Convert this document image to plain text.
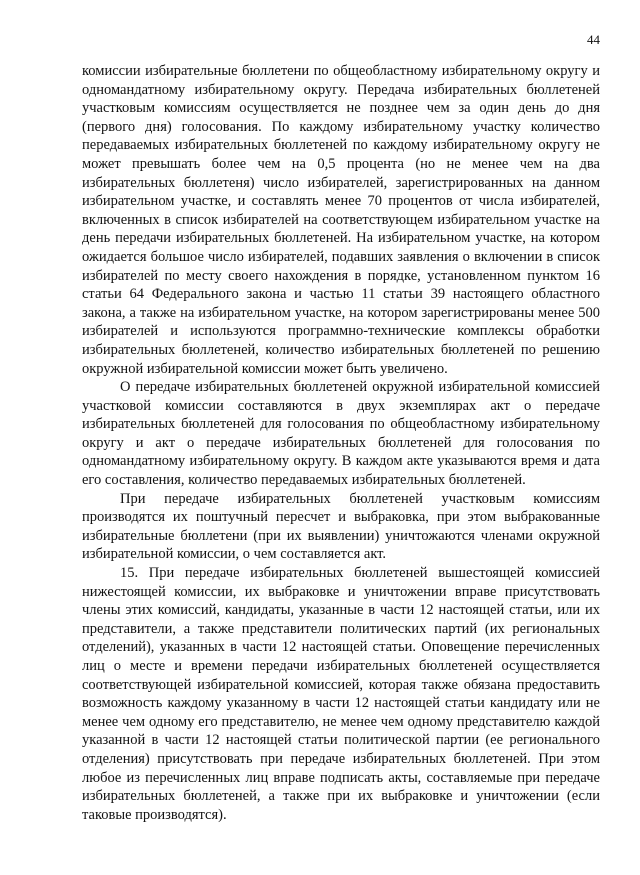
44

комиссии избирательные бюллетени по общеобластному избирательному округу и одномандатному избирательному округу. Передача избирательных бюллетеней участковым комиссиям осуществляется не позднее чем за один день до дня (первого дня) голосования. По каждому избирательному участку количество передаваемых избирательных бюллетеней по каждому избирательному округу не может превышать более чем на 0,5 процента (но не менее чем на два избирательных бюллетеня) число избирателей, зарегистрированных на данном избирательном участке, и составлять менее 70 процентов от числа избирателей, включенных в список избирателей на соответствующем избирательном участке на день передачи избирательных бюллетеней. На избирательном участке, на котором ожидается большое число избирателей, подавших заявления о включении в список избирателей по месту своего нахождения в порядке, установленном пунктом 16 статьи 64 Федерального закона и частью 11 статьи 39 настоящего областного закона, а также на избирательном участке, на котором зарегистрированы менее 500 избирателей и используются программно-технические комплексы обработки избирательных бюллетеней, количество избирательных бюллетеней по решению окружной избирательной комиссии может быть увеличено.

О передаче избирательных бюллетеней окружной избирательной комиссией участковой комиссии составляются в двух экземплярах акт о передаче избирательных бюллетеней для голосования по общеобластному избирательному округу и акт о передаче избирательных бюллетеней для голосования по одномандатному избирательному округу. В каждом акте указываются время и дата его составления, количество передаваемых избирательных бюллетеней.

При передаче избирательных бюллетеней участковым комиссиям производятся их поштучный пересчет и выбраковка, при этом выбракованные избирательные бюллетени (при их выявлении) уничтожаются членами окружной избирательной комиссии, о чем составляется акт.

15. При передаче избирательных бюллетеней вышестоящей комиссией нижестоящей комиссии, их выбраковке и уничтожении вправе присутствовать члены этих комиссий, кандидаты, указанные в части 12 настоящей статьи, или их представители, а также представители политических партий (их региональных отделений), указанных в части 12 настоящей статьи. Оповещение перечисленных лиц о месте и времени передачи избирательных бюллетеней осуществляется соответствующей избирательной комиссией, которая также обязана предоставить возможность каждому указанному в части 12 настоящей статьи кандидату или не менее чем одному его представителю, не менее чем одному представителю каждой указанной в части 12 настоящей статьи политической партии (ее регионального отделения) присутствовать при передаче избирательных бюллетеней. При этом любое из перечисленных лиц вправе подписать акты, составляемые при передаче избирательных бюллетеней, а также при их выбраковке и уничтожении (если таковые производятся).
